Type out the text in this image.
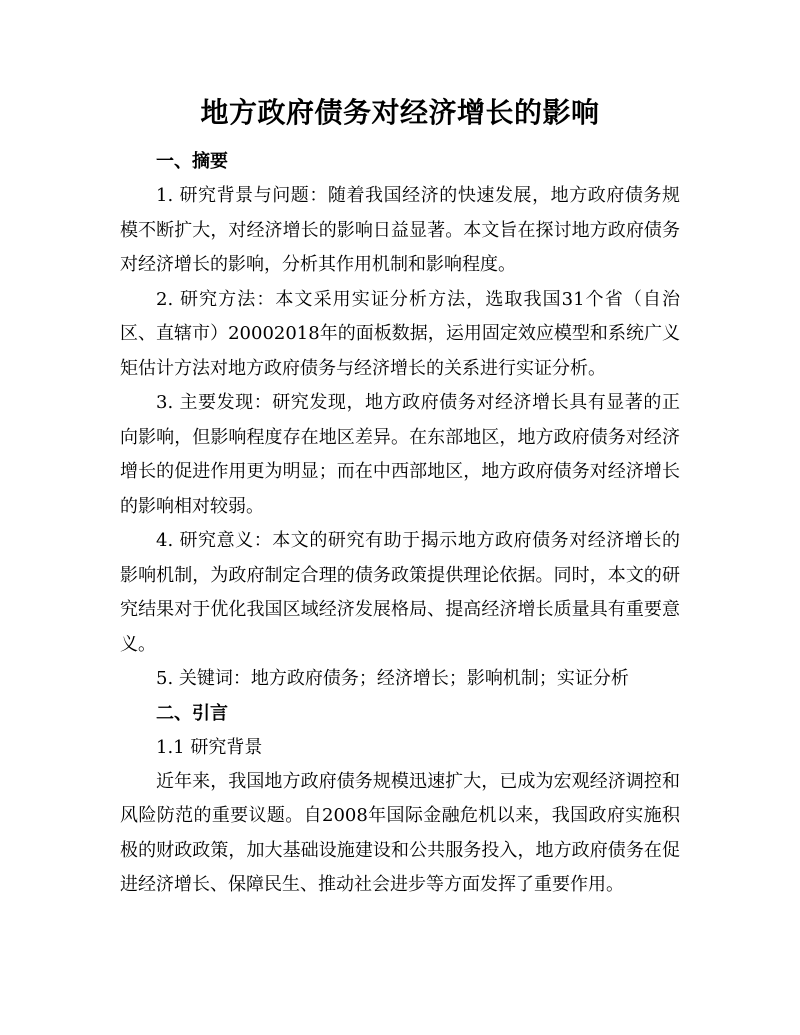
地方政府债务对经济增长的影响

一、摘要

1. 研究背景与问题：随着我国经济的快速发展，地方政府债务规模不断扩大，对经济增长的影响日益显著。本文旨在探讨地方政府债务对经济增长的影响，分析其作用机制和影响程度。

2. 研究方法：本文采用实证分析方法，选取我国31个省（自治区、直辖市）20002018年的面板数据，运用固定效应模型和系统广义矩估计方法对地方政府债务与经济增长的关系进行实证分析。

3. 主要发现：研究发现，地方政府债务对经济增长具有显著的正向影响，但影响程度存在地区差异。在东部地区，地方政府债务对经济增长的促进作用更为明显；而在中西部地区，地方政府债务对经济增长的影响相对较弱。

4. 研究意义：本文的研究有助于揭示地方政府债务对经济增长的影响机制，为政府制定合理的债务政策提供理论依据。同时，本文的研究结果对于优化我国区域经济发展格局、提高经济增长质量具有重要意义。

5. 关键词：地方政府债务；经济增长；影响机制；实证分析

二、引言

1.1 研究背景

近年来，我国地方政府债务规模迅速扩大，已成为宏观经济调控和风险防范的重要议题。自2008年国际金融危机以来，我国政府实施积极的财政政策，加大基础设施建设和公共服务投入，地方政府债务在促进经济增长、保障民生、推动社会进步等方面发挥了重要作用。
